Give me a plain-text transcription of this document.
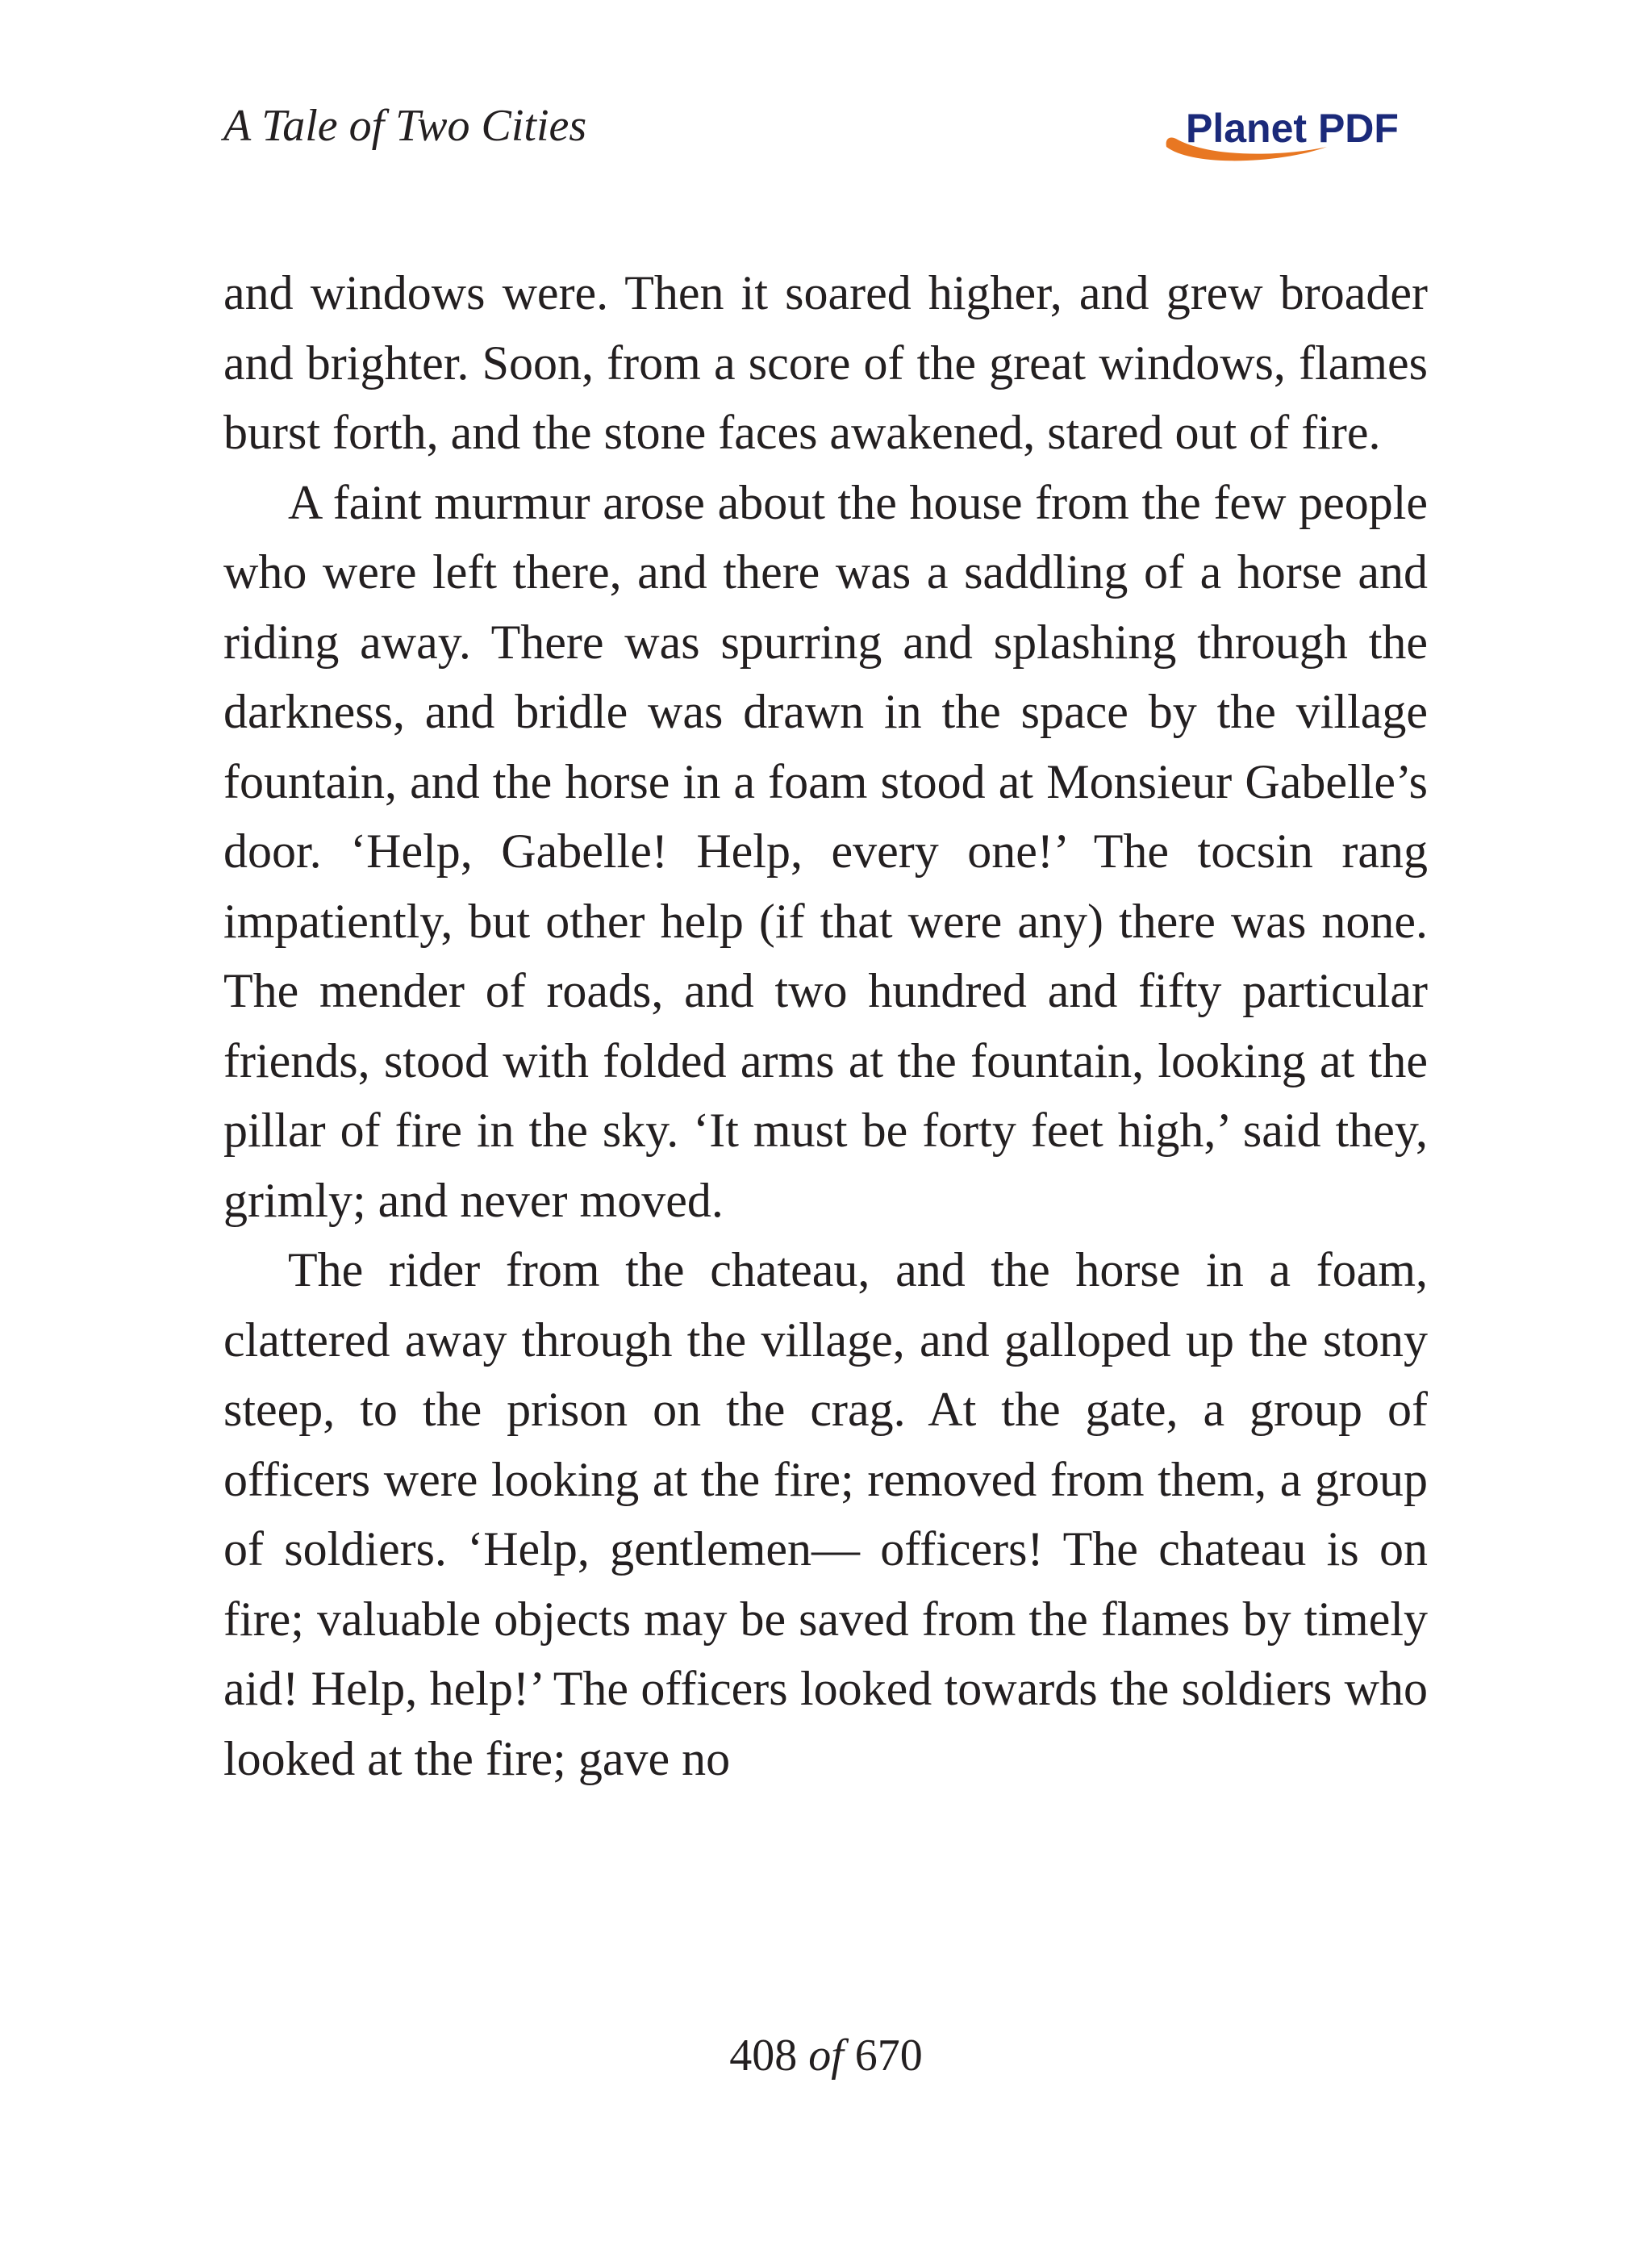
A Tale of Two Cities	Planet PDF

and windows were. Then it soared higher, and grew broader and brighter. Soon, from a score of the great windows, flames burst forth, and the stone faces awakened, stared out of fire.

A faint murmur arose about the house from the few people who were left there, and there was a saddling of a horse and riding away. There was spurring and splashing through the darkness, and bridle was drawn in the space by the village fountain, and the horse in a foam stood at Monsieur Gabelle’s door. ‘Help, Gabelle! Help, every one!’ The tocsin rang impatiently, but other help (if that were any) there was none. The mender of roads, and two hundred and fifty particular friends, stood with folded arms at the fountain, looking at the pillar of fire in the sky. ‘It must be forty feet high,’ said they, grimly; and never moved.

The rider from the chateau, and the horse in a foam, clattered away through the village, and galloped up the stony steep, to the prison on the crag. At the gate, a group of officers were looking at the fire; removed from them, a group of soldiers. ‘Help, gentlemen— officers! The chateau is on fire; valuable objects may be saved from the flames by timely aid! Help, help!’ The officers looked towards the soldiers who looked at the fire; gave no

408 of 670
